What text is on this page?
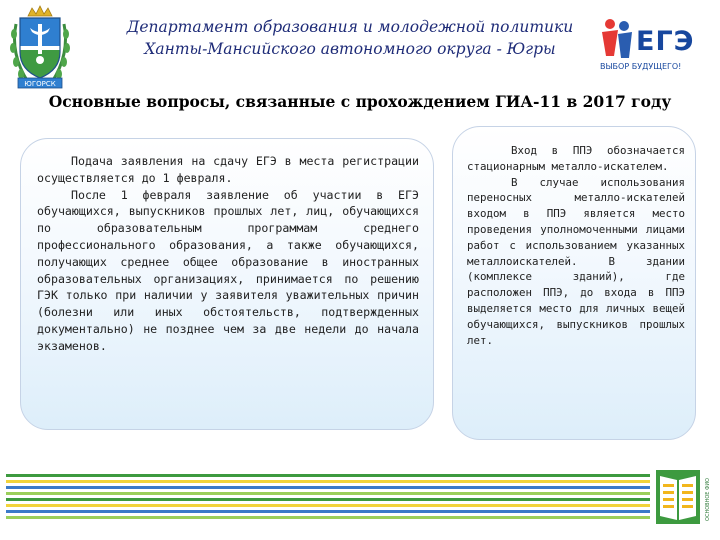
ЮГОРСК
Департамент образования и молодежной политики
Ханты-Мансийского автономного округа - Югры	ЕГЭ
ВЫБОР БУДУЩЕГО!
Основные вопросы, связанные с прохождением ГИА-11 в 2017 году

Подача заявления на сдачу ЕГЭ в места регистрации осуществляется до 1 февраля.

После 1 февраля заявление об участии в ЕГЭ обучающихся, выпускников прошлых лет, лиц, обучающихся по образовательным программам среднего профессионального образования, а также обучающихся, получающих среднее общее образование в иностранных образовательных организациях, принимается по решению ГЭК только при наличии у заявителя уважительных причин (болезни или иных обстоятельств, подтвержденных документально) не позднее чем за две недели до начала экзаменов.

Вход в ППЭ обозначается стационарным металло-искателем.

В случае использования переносных металло-искателей входом в ППЭ является место проведения уполномоченными лицами работ с использованием указанных металлоискателей. В здании (комплексе зданий), где расположен ППЭ, до входа в ППЭ выделяется место для личных вещей обучающихся, выпускников прошлых лет.

ОСНОВНОЕ ФИО
